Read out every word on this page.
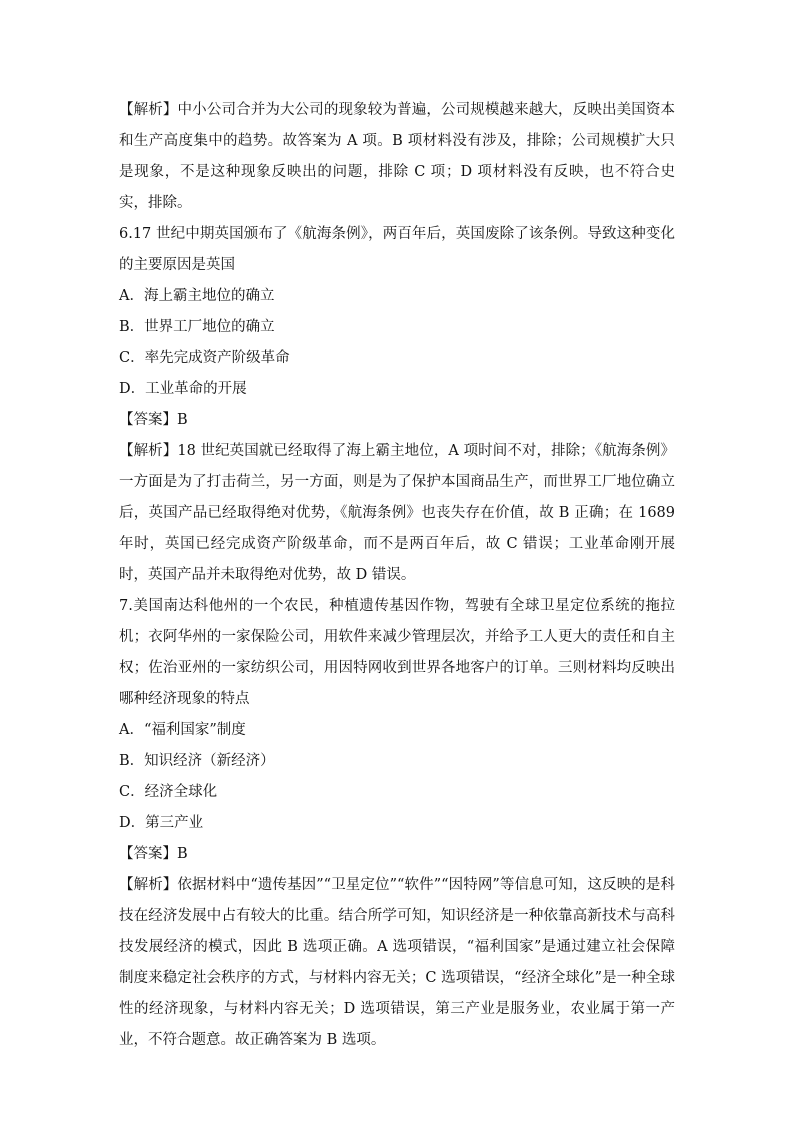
【解析】中小公司合并为大公司的现象较为普遍，公司规模越来越大，反映出美国资本和生产高度集中的趋势。故答案为 A 项。B 项材料没有涉及，排除；公司规模扩大只是现象，不是这种现象反映出的问题，排除 C 项；D 项材料没有反映，也不符合史实，排除。

6.17 世纪中期英国颁布了《航海条例》，两百年后，英国废除了该条例。导致这种变化的主要原因是英国

A．海上霸主地位的确立

B．世界工厂地位的确立

C．率先完成资产阶级革命

D．工业革命的开展

【答案】B

【解析】18 世纪英国就已经取得了海上霸主地位，A 项时间不对，排除；《航海条例》一方面是为了打击荷兰，另一方面，则是为了保护本国商品生产，而世界工厂地位确立后，英国产品已经取得绝对优势，《航海条例》也丧失存在价值，故 B 正确；在 1689 年时，英国已经完成资产阶级革命，而不是两百年后，故 C 错误；工业革命刚开展时，英国产品并未取得绝对优势，故 D 错误。

7.美国南达科他州的一个农民，种植遗传基因作物，驾驶有全球卫星定位系统的拖拉机；衣阿华州的一家保险公司，用软件来减少管理层次，并给予工人更大的责任和自主权；佐治亚州的一家纺织公司，用因特网收到世界各地客户的订单。三则材料均反映出哪种经济现象的特点

A．“福利国家”制度

B．知识经济（新经济）

C．经济全球化

D．第三产业

【答案】B

【解析】依据材料中“遗传基因”“卫星定位”“软件”“因特网”等信息可知，这反映的是科技在经济发展中占有较大的比重。结合所学可知，知识经济是一种依靠高新技术与高科技发展经济的模式，因此 B 选项正确。A 选项错误，“福利国家”是通过建立社会保障制度来稳定社会秩序的方式，与材料内容无关；C 选项错误，“经济全球化”是一种全球性的经济现象，与材料内容无关；D 选项错误，第三产业是服务业，农业属于第一产业，不符合题意。故正确答案为 B 选项。
